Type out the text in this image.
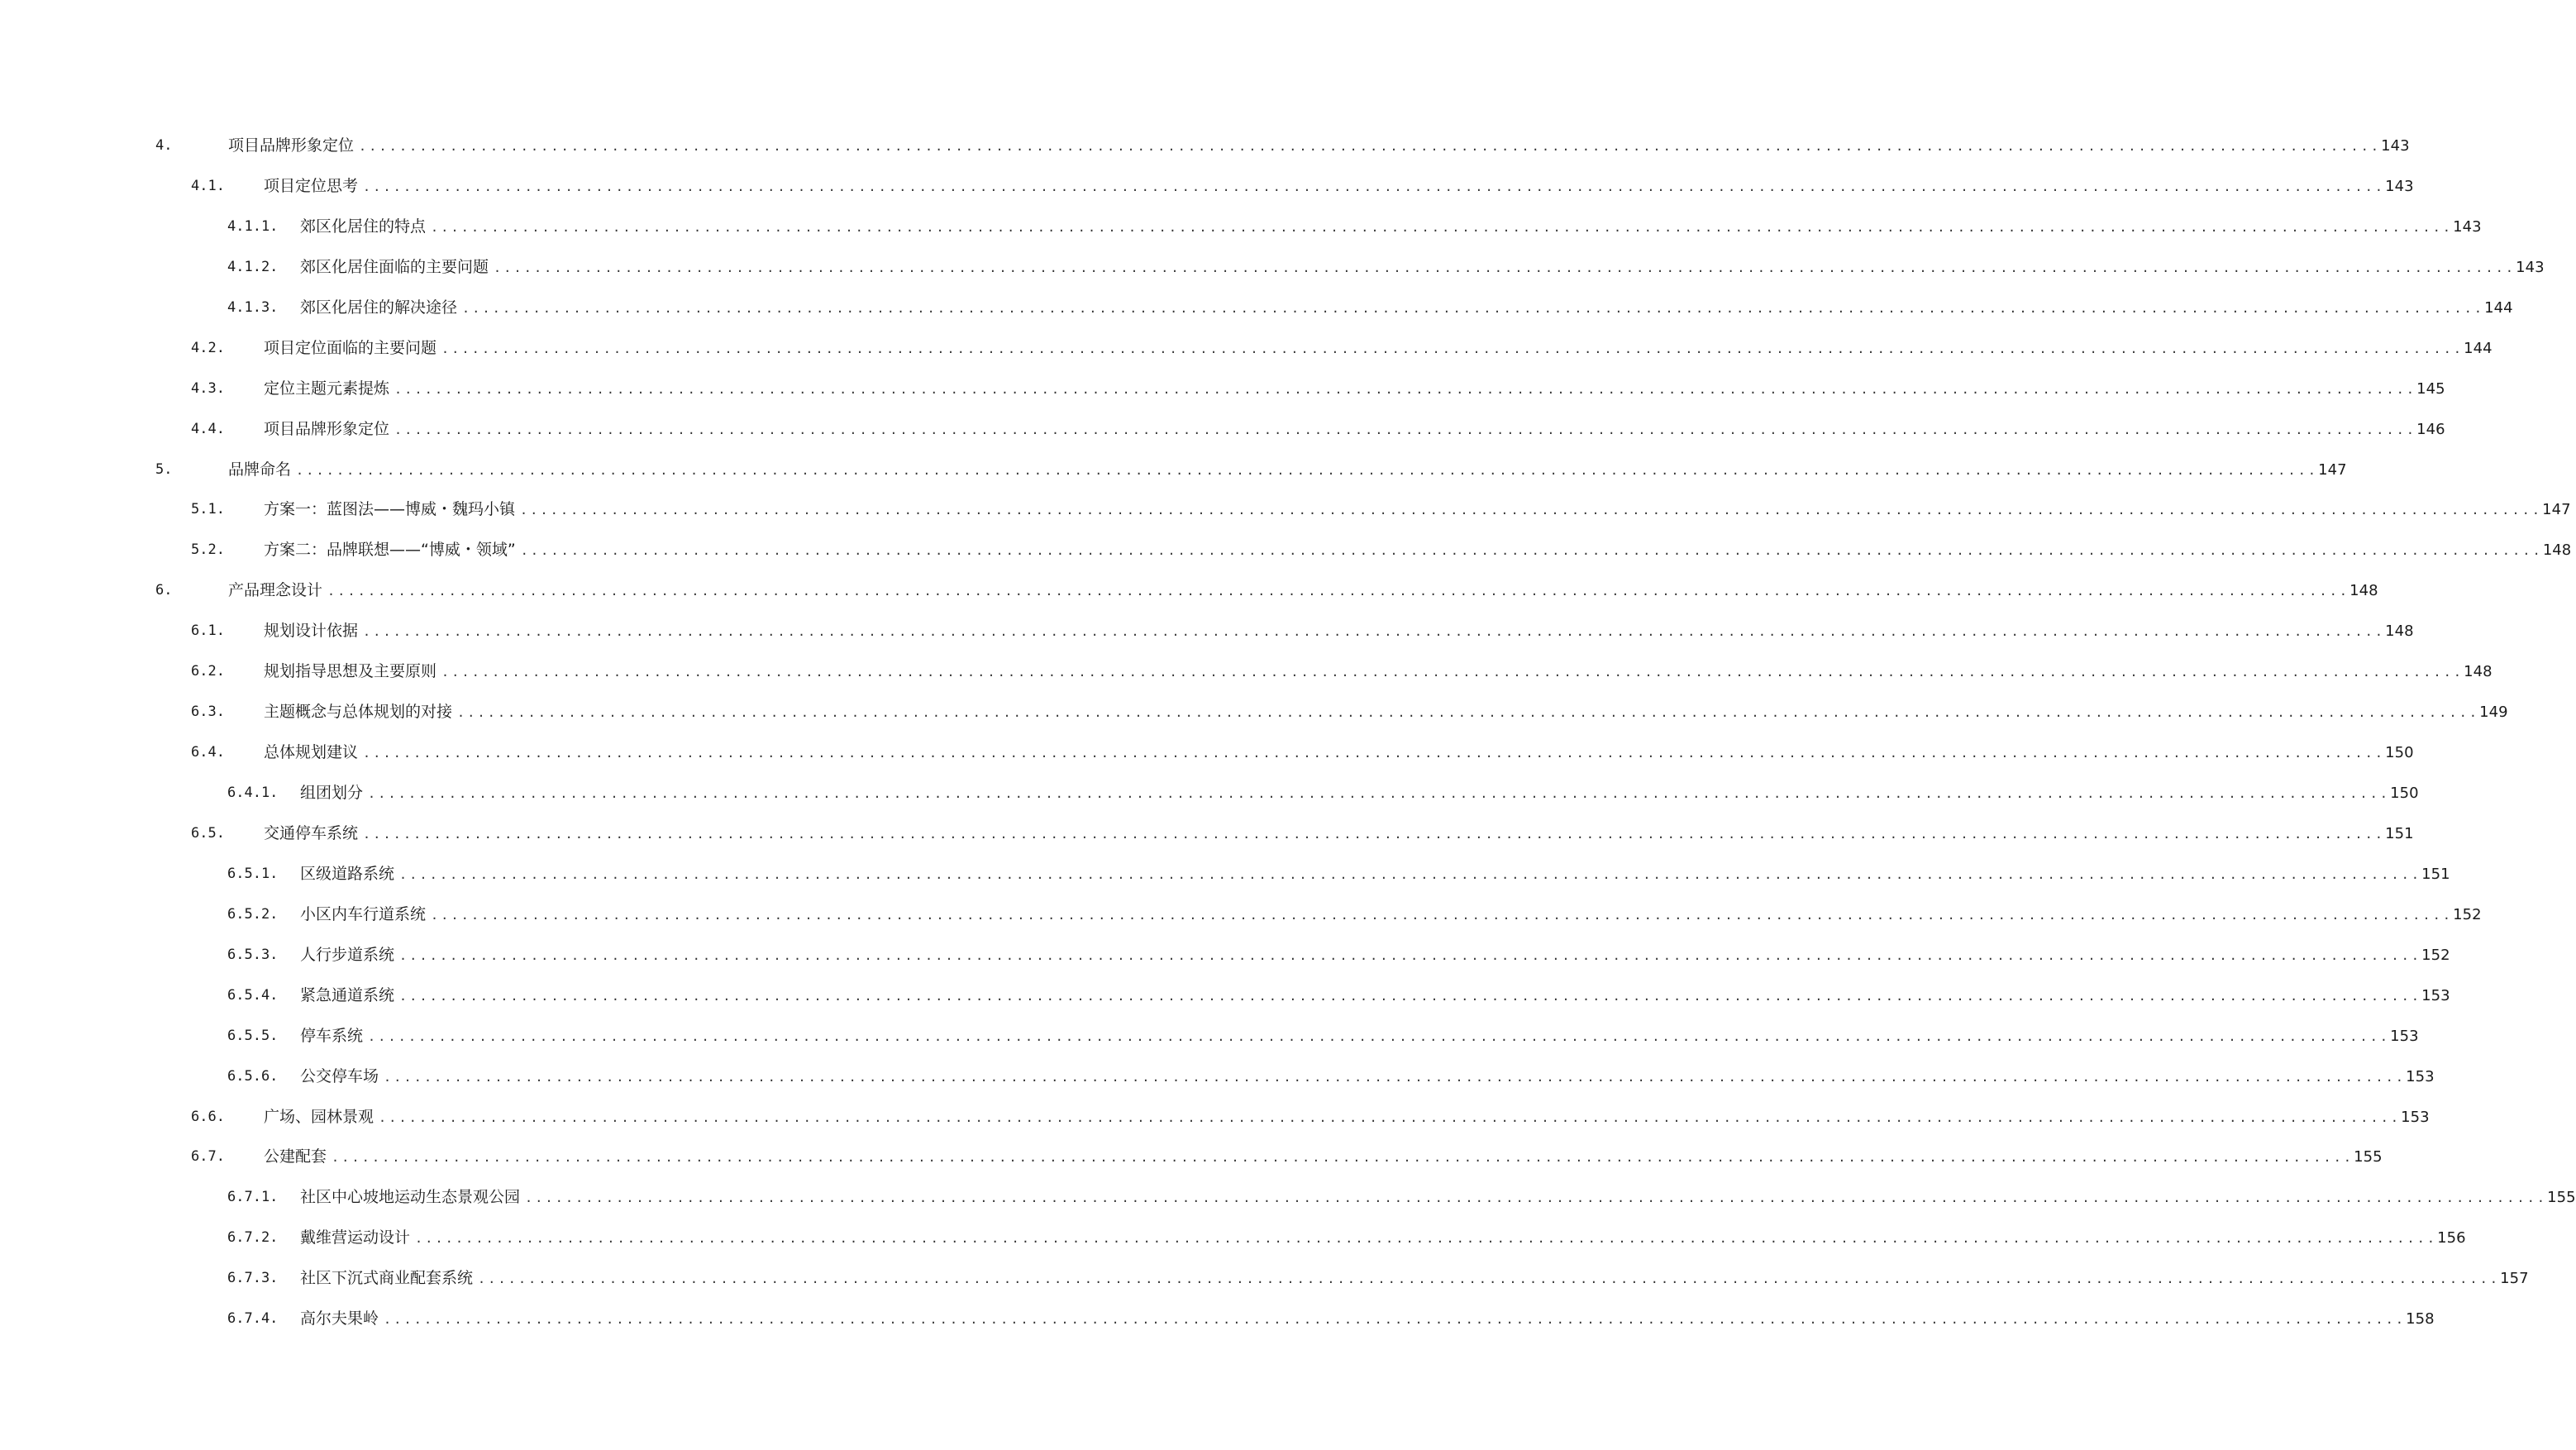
4.	项目品牌形象定位 ........................................................................................................................................................................................................ 143
4.1. 项目定位思考 ........................................................................................................................................................................................................ 143
4.1.1. 郊区化居住的特点 ........................................................................................................................................................................................................ 143
4.1.2. 郊区化居住面临的主要问题 ........................................................................................................................................................................................................ 143
4.1.3. 郊区化居住的解决途径 ........................................................................................................................................................................................................ 144
4.2. 项目定位面临的主要问题 ........................................................................................................................................................................................................ 144
4.3. 定位主题元素提炼 ........................................................................................................................................................................................................ 145
4.4. 项目品牌形象定位 ........................................................................................................................................................................................................ 146
5.	品牌命名 ........................................................................................................................................................................................................ 147
5.1. 方案一：蓝图法——博威・魏玛小镇 ........................................................................................................................................................................................................ 147
5.2. 方案二：品牌联想——“博威・领域” ........................................................................................................................................................................................................ 148
6.	产品理念设计 ........................................................................................................................................................................................................ 148
6.1. 规划设计依据 ........................................................................................................................................................................................................ 148
6.2. 规划指导思想及主要原则 ........................................................................................................................................................................................................ 148
6.3. 主题概念与总体规划的对接 ........................................................................................................................................................................................................ 149
6.4. 总体规划建议 ........................................................................................................................................................................................................ 150
6.4.1. 组团划分 ........................................................................................................................................................................................................ 150
6.5. 交通停车系统 ........................................................................................................................................................................................................ 151
6.5.1. 区级道路系统 ........................................................................................................................................................................................................ 151
6.5.2. 小区内车行道系统 ........................................................................................................................................................................................................ 152
6.5.3. 人行步道系统 ........................................................................................................................................................................................................ 152
6.5.4. 紧急通道系统 ........................................................................................................................................................................................................ 153
6.5.5. 停车系统 ........................................................................................................................................................................................................ 153
6.5.6. 公交停车场 ........................................................................................................................................................................................................ 153
6.6. 广场、园林景观 ........................................................................................................................................................................................................ 153
6.7. 公建配套 ........................................................................................................................................................................................................ 155
6.7.1. 社区中心坡地运动生态景观公园 ........................................................................................................................................................................................................ 155
6.7.2. 戴维营运动设计 ........................................................................................................................................................................................................ 156
6.7.3. 社区下沉式商业配套系统 ........................................................................................................................................................................................................ 157
6.7.4. 高尔夫果岭 ........................................................................................................................................................................................................ 158
